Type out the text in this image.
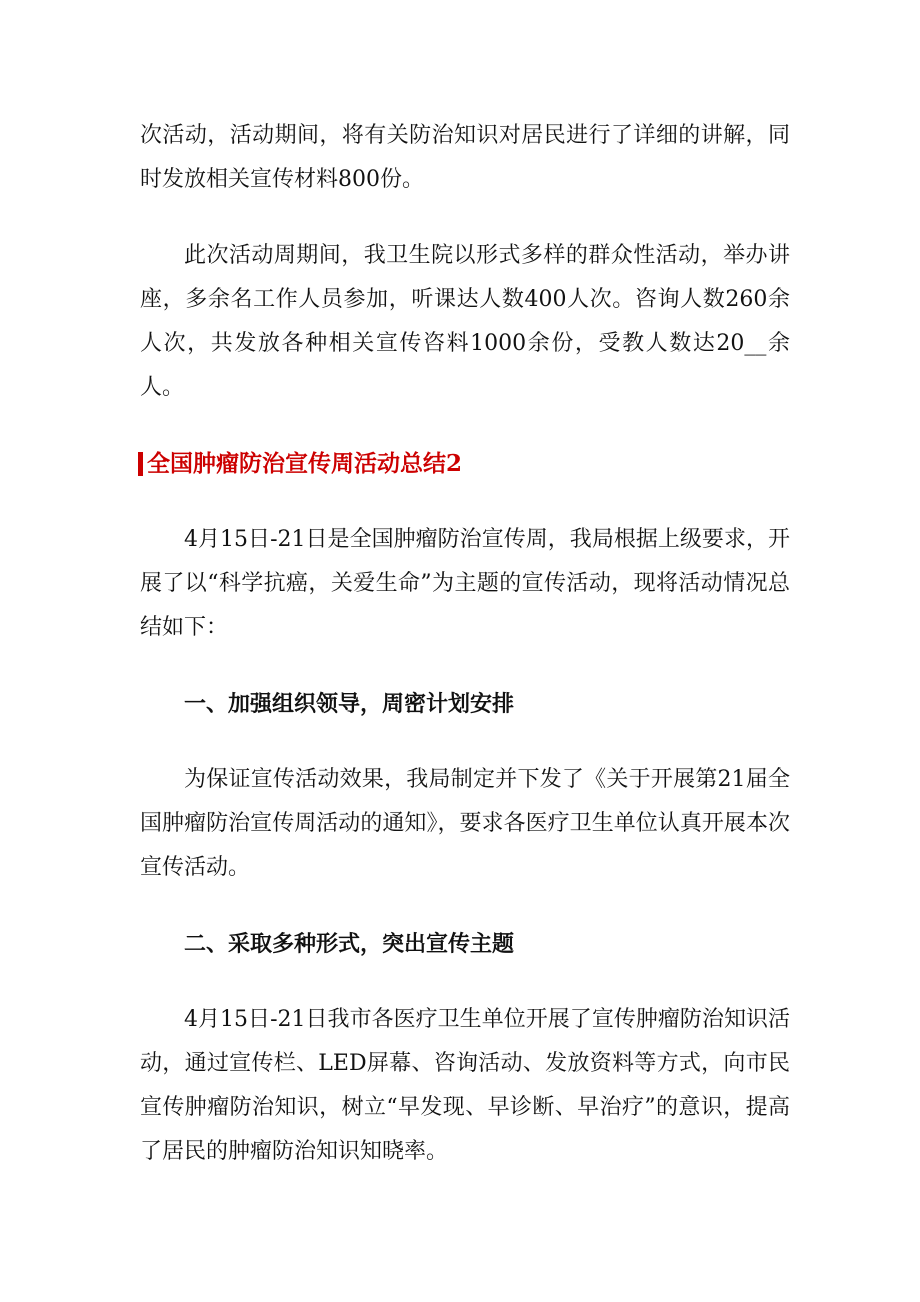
次活动，活动期间，将有关防治知识对居民进行了详细的讲解，同时发放相关宣传材料800份。

此次活动周期间，我卫生院以形式多样的群众性活动，举办讲座，多余名工作人员参加，听课达人数400人次。咨询人数260余人次，共发放各种相关宣传咨料1000余份，受教人数达20__余人。

全国肿瘤防治宣传周活动总结2

4月15日-21日是全国肿瘤防治宣传周，我局根据上级要求，开展了以“科学抗癌，关爱生命”为主题的宣传活动，现将活动情况总结如下：

一、加强组织领导，周密计划安排

为保证宣传活动效果，我局制定并下发了《关于开展第21届全国肿瘤防治宣传周活动的通知》，要求各医疗卫生单位认真开展本次宣传活动。

二、采取多种形式，突出宣传主题

4月15日-21日我市各医疗卫生单位开展了宣传肿瘤防治知识活动，通过宣传栏、LED屏幕、咨询活动、发放资料等方式，向市民宣传肿瘤防治知识，树立“早发现、早诊断、早治疗”的意识，提高了居民的肿瘤防治知识知晓率。
